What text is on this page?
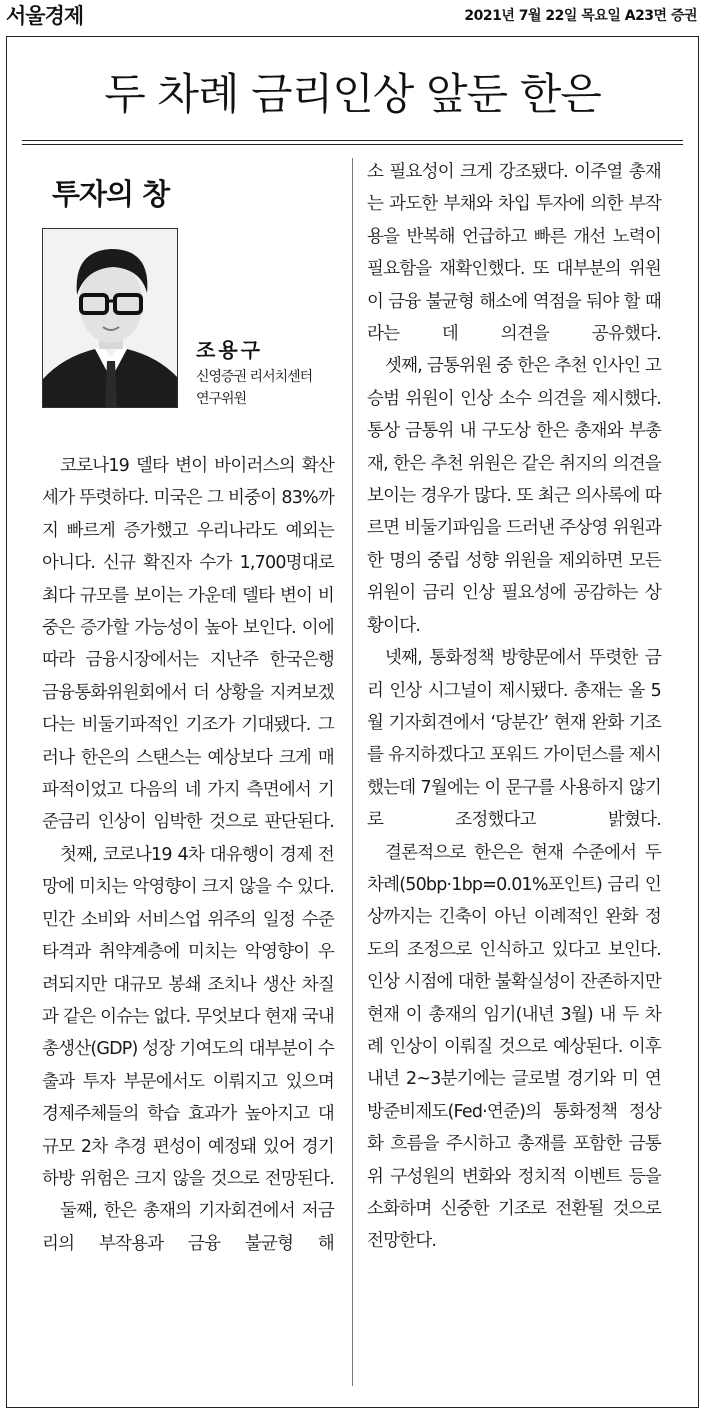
서울경제	2021년 7월 22일 목요일 A23면 증권
두 차례 금리인상 앞둔 한은
투자의 창
조용구
신영증권 리서치센터
연구위원

코로나19 델타 변이 바이러스의 확산세가 뚜렷하다. 미국은 그 비중이 83%까지 빠르게 증가했고 우리나라도 예외는 아니다. 신규 확진자 수가 1,700명대로 최다 규모를 보이는 가운데 델타 변이 비중은 증가할 가능성이 높아 보인다. 이에 따라 금융시장에서는 지난주 한국은행 금융통화위원회에서 더 상황을 지켜보겠다는 비둘기파적인 기조가 기대됐다. 그러나 한은의 스탠스는 예상보다 크게 매파적이었고 다음의 네 가지 측면에서 기준금리 인상이 임박한 것으로 판단된다.

첫째, 코로나19 4차 대유행이 경제 전망에 미치는 악영향이 크지 않을 수 있다. 민간 소비와 서비스업 위주의 일정 수준 타격과 취약계층에 미치는 악영향이 우려되지만 대규모 봉쇄 조치나 생산 차질과 같은 이슈는 없다. 무엇보다 현재 국내총생산(GDP) 성장 기여도의 대부분이 수출과 투자 부문에서도 이뤄지고 있으며 경제주체들의 학습 효과가 높아지고 대규모 2차 추경 편성이 예정돼 있어 경기 하방 위험은 크지 않을 것으로 전망된다.

둘째, 한은 총재의 기자회견에서 저금리의 부작용과 금융 불균형 해

소 필요성이 크게 강조됐다. 이주열 총재는 과도한 부채와 차입 투자에 의한 부작용을 반복해 언급하고 빠른 개선 노력이 필요함을 재확인했다. 또 대부분의 위원이 금융 불균형 해소에 역점을 둬야 할 때라는 데 의견을 공유했다.

셋째, 금통위원 중 한은 추천 인사인 고승범 위원이 인상 소수 의견을 제시했다. 통상 금통위 내 구도상 한은 총재와 부총재, 한은 추천 위원은 같은 취지의 의견을 보이는 경우가 많다. 또 최근 의사록에 따르면 비둘기파임을 드러낸 주상영 위원과 한 명의 중립 성향 위원을 제외하면 모든 위원이 금리 인상 필요성에 공감하는 상황이다.

넷째, 통화정책 방향문에서 뚜렷한 금리 인상 시그널이 제시됐다. 총재는 올 5월 기자회견에서 ‘당분간’ 현재 완화 기조를 유지하겠다고 포워드 가이던스를 제시했는데 7월에는 이 문구를 사용하지 않기로 조정했다고 밝혔다.

결론적으로 한은은 현재 수준에서 두 차례(50bp·1bp=0.01%포인트) 금리 인상까지는 긴축이 아닌 이례적인 완화 정도의 조정으로 인식하고 있다고 보인다. 인상 시점에 대한 불확실성이 잔존하지만 현재 이 총재의 임기(내년 3월) 내 두 차례 인상이 이뤄질 것으로 예상된다. 이후 내년 2~3분기에는 글로벌 경기와 미 연방준비제도(Fed·연준)의 통화정책 정상화 흐름을 주시하고 총재를 포함한 금통위 구성원의 변화와 정치적 이벤트 등을 소화하며 신중한 기조로 전환될 것으로 전망한다.
